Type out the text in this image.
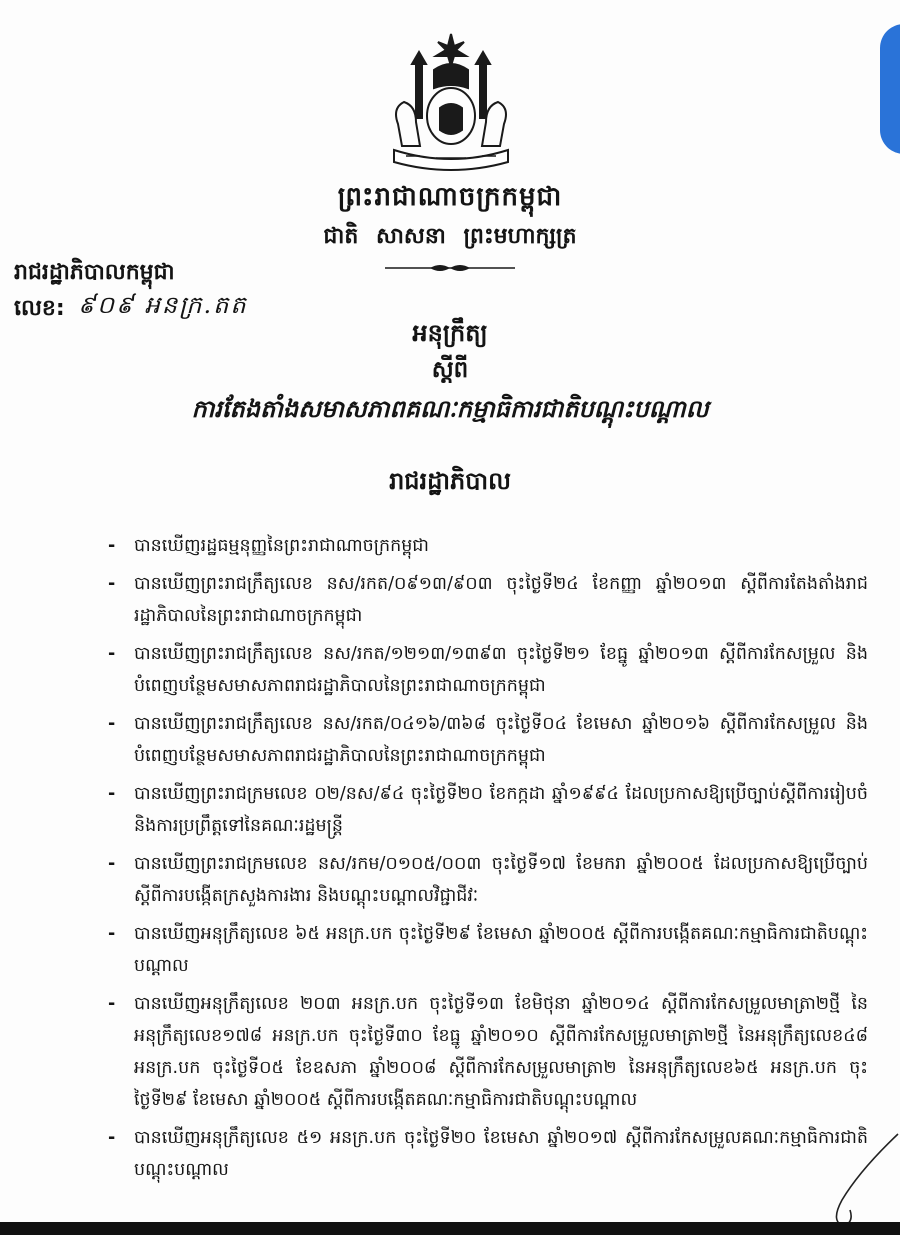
ព្រះរាជាណាចក្រកម្ពុជា
ជាតិ សាសនា ព្រះមហាក្សត្រ
រាជរដ្ឋាភិបាលកម្ពុជា
លេខ: ៩០៩ អនក្រ.តត
អនុក្រឹត្យ
ស្តីពី
ការតែងតាំងសមាសភាពគណៈកម្មាធិការជាតិបណ្តុះបណ្តាល
រាជរដ្ឋាភិបាល
- បានឃើញរដ្ឋធម្មនុញ្ញនៃព្រះរាជាណាចក្រកម្ពុជា
- បានឃើញព្រះរាជក្រឹត្យលេខ នស/រកត/០៩១៣/៩០៣ ចុះថ្ងៃទី២៤ ខែកញ្ញា ឆ្នាំ២០១៣ ស្តីពីការតែងតាំងរាជរដ្ឋាភិបាលនៃព្រះរាជាណាចក្រកម្ពុជា
- បានឃើញព្រះរាជក្រឹត្យលេខ នស/រកត/១២១៣/១៣៩៣ ចុះថ្ងៃទី២១ ខែធ្នូ ឆ្នាំ២០១៣ ស្តីពីការកែសម្រួល និងបំពេញបន្ថែមសមាសភាពរាជរដ្ឋាភិបាលនៃព្រះរាជាណាចក្រកម្ពុជា
- បានឃើញព្រះរាជក្រឹត្យលេខ នស/រកត/០៤១៦/៣៦៨ ចុះថ្ងៃទី០៤ ខែមេសា ឆ្នាំ២០១៦ ស្តីពីការកែសម្រួល និងបំពេញបន្ថែមសមាសភាពរាជរដ្ឋាភិបាលនៃព្រះរាជាណាចក្រកម្ពុជា
- បានឃើញព្រះរាជក្រមលេខ ០២/នស/៩៤ ចុះថ្ងៃទី២០ ខែកក្កដា ឆ្នាំ១៩៩៤ ដែលប្រកាសឱ្យប្រើច្បាប់ស្តីពីការរៀបចំ និងការប្រព្រឹត្តទៅនៃគណៈរដ្ឋមន្ត្រី
- បានឃើញព្រះរាជក្រមលេខ នស/រកម/០១០៥/០០៣ ចុះថ្ងៃទី១៧ ខែមករា ឆ្នាំ២០០៥ ដែលប្រកាសឱ្យប្រើច្បាប់ស្តីពីការបង្កើតក្រសួងការងារ និងបណ្តុះបណ្តាលវិជ្ជាជីវៈ
- បានឃើញអនុក្រឹត្យលេខ ៦៥ អនក្រ.បក ចុះថ្ងៃទី២៩ ខែមេសា ឆ្នាំ២០០៥ ស្តីពីការបង្កើតគណៈកម្មាធិការជាតិបណ្តុះបណ្តាល
- បានឃើញអនុក្រឹត្យលេខ ២០៣ អនក្រ.បក ចុះថ្ងៃទី១៣ ខែមិថុនា ឆ្នាំ២០១៤ ស្តីពីការកែសម្រួលមាត្រា២ថ្មី នៃអនុក្រឹត្យលេខ១៧៨ អនក្រ.បក ចុះថ្ងៃទី៣០ ខែធ្នូ ឆ្នាំ២០១០ ស្តីពីការកែសម្រួលមាត្រា២ថ្មី នៃអនុក្រឹត្យលេខ៤៨ អនក្រ.បក ចុះថ្ងៃទី០៥ ខែឧសភា ឆ្នាំ២០០៨ ស្តីពីការកែសម្រួលមាត្រា២ នៃអនុក្រឹត្យលេខ៦៥ អនក្រ.បក ចុះថ្ងៃទី២៩ ខែមេសា ឆ្នាំ២០០៥ ស្តីពីការបង្កើតគណៈកម្មាធិការជាតិបណ្តុះបណ្តាល
- បានឃើញអនុក្រឹត្យលេខ ៥១ អនក្រ.បក ចុះថ្ងៃទី២០ ខែមេសា ឆ្នាំ២០១៧ ស្តីពីការកែសម្រួលគណៈកម្មាធិការជាតិបណ្តុះបណ្តាល
